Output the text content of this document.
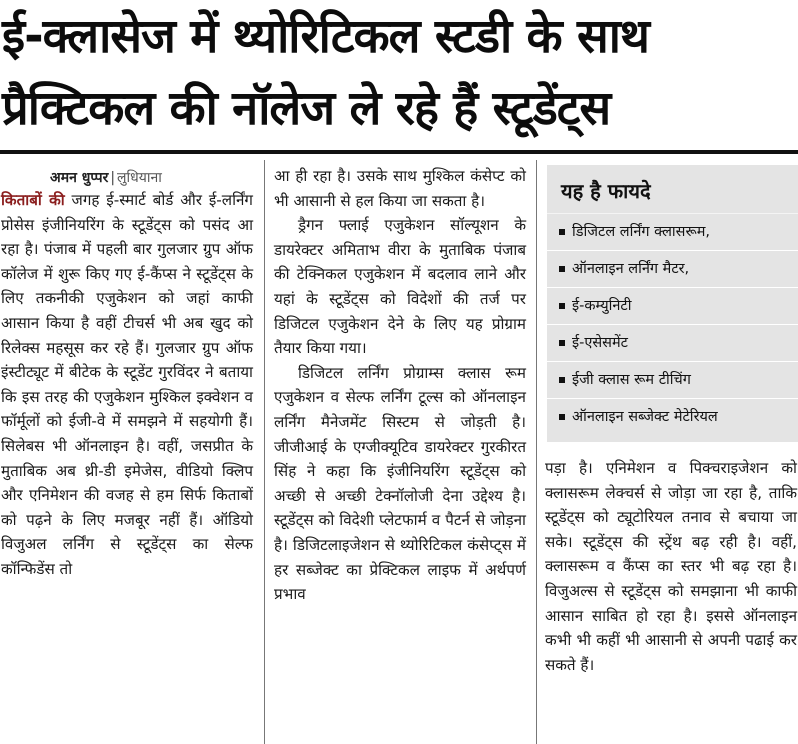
ई-क्लासेज में थ्योरिटिकल स्टडी के साथ
प्रैक्टिकल की नॉलेज ले रहे हैं स्टूडेंट्स
अमन धुप्पर | लुधियाना

किताबों की जगह ई-स्मार्ट बोर्ड और ई-लर्निंग प्रोसेस इंजीनियरिंग के स्टूडेंट्स को पसंद आ रहा है। पंजाब में पहली बार गुलजार ग्रुप ऑफ कॉलेज में शुरू किए गए ई-कैंप्स ने स्टूडेंट्स के लिए तकनीकी एजुकेशन को जहां काफी आसान किया है वहीं टीचर्स भी अब खुद को रिलेक्स महसूस कर रहे हैं। गुलजार ग्रुप ऑफ इंस्टीट्यूट में बीटेक के स्टूडेंट गुरविंदर ने बताया कि इस तरह की एजुकेशन मुश्किल इक्वेशन व फॉर्मूलों को ईजी-वे में समझने में सहयोगी हैं। सिलेबस भी ऑनलाइन है। वहीं, जसप्रीत के मुताबिक अब थ्री-डी इमेजेस, वीडियो क्लिप और एनिमेशन की वजह से हम सिर्फ किताबों को पढ़ने के लिए मजबूर नहीं हैं। ऑडियो विजुअल लर्निंग से स्टूडेंट्स का सेल्फ कॉन्फिडेंस तो

आ ही रहा है। उसके साथ मुश्किल कंसेप्ट को भी आसानी से हल किया जा सकता है।

ड्रैगन फ्लाई एजुकेशन सॉल्यूशन के डायरेक्टर अमिताभ वीरा के मुताबिक पंजाब की टेक्निकल एजुकेशन में बदलाव लाने और यहां के स्टूडेंट्स को विदेशों की तर्ज पर डिजिटल एजुकेशन देने के लिए यह प्रोग्राम तैयार किया गया।

डिजिटल लर्निंग प्रोग्राम्स क्लास रूम एजुकेशन व सेल्फ लर्निंग टूल्स को ऑनलाइन लर्निंग मैनेजमेंट सिस्टम से जोड़ती है। जीजीआई के एग्जीक्यूटिव डायरेक्टर गुरकीरत सिंह ने कहा कि इंजीनियरिंग स्टूडेंट्स को अच्छी से अच्छी टेक्नॉलोजी देना उद्देश्य है। स्टूडेंट्स को विदेशी प्लेटफार्म व पैटर्न से जोड़ना है। डिजिटलाइजेशन से थ्योरिटिकल कंसेप्ट्स में हर सब्जेक्ट का प्रेक्टिकल लाइफ में अर्थपर्ण प्रभाव

यह है फायदे
डिजिटल लर्निंग क्लासरूम,
ऑनलाइन लर्निंग मैटर,
ई-कम्युनिटी
ई-एसेसमेंट
ईजी क्लास रूम टीचिंग
ऑनलाइन सब्जेक्ट मेटेरियल

पड़ा है। एनिमेशन व पिक्चराइजेशन को क्लासरूम लेक्चर्स से जोड़ा जा रहा है, ताकि स्टूडेंट्स को ट्यूटोरियल तनाव से बचाया जा सके। स्टूडेंट्स की स्ट्रेंथ बढ़ रही है। वहीं, क्लासरूम व कैंप्स का स्तर भी बढ़ रहा है। विजुअल्स से स्टूडेंट्स को समझाना भी काफी आसान साबित हो रहा है। इससे ऑनलाइन कभी भी कहीं भी आसानी से अपनी पढाई कर सकते हैं।
